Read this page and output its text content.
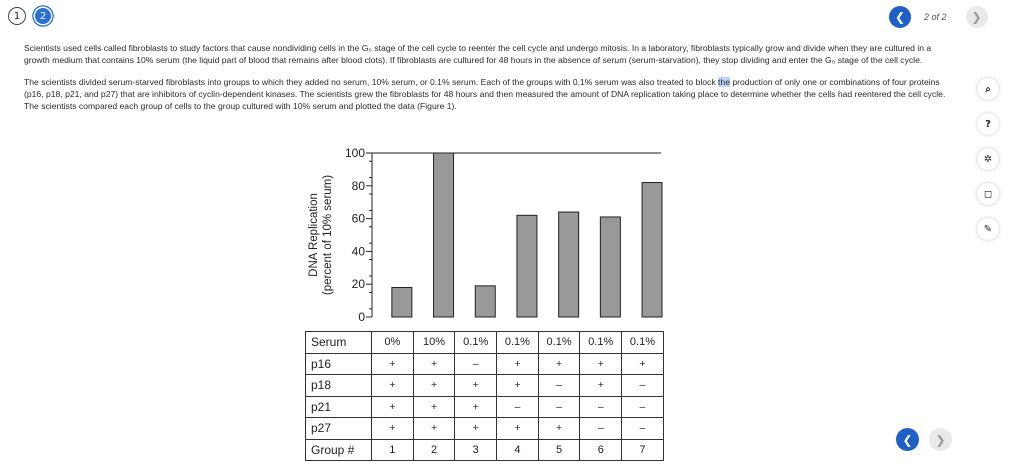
1	2	❮ 2 of 2 ❯

Scientists used cells called fibroblasts to study factors that cause nondividing cells in the G₀ stage of the cell cycle to reenter the cell cycle and undergo mitosis. In a laboratory, fibroblasts typically grow and divide when they are cultured in a growth medium that contains 10% serum (the liquid part of blood that remains after blood clots). If fibroblasts are cultured for 48 hours in the absence of serum (serum-starvation), they stop dividing and enter the G₀ stage of the cell cycle.

The scientists divided serum-starved fibroblasts into groups to which they added no serum, 10% serum, or 0.1% serum. Each of the groups with 0.1% serum was also treated to block the production of only one or combinations of four proteins (p16, p18, p21, and p27) that are inhibitors of cyclin-dependent kinases. The scientists grew the fibroblasts for 48 hours and then measured the amount of DNA replication taking place to determine whether the cells had reentered the cell cycle. The scientists compared each group of cells to the group cultured with 10% serum and plotted the data (Figure 1).

⌕
?
✲
◻
✎
0
20
40
60
80
100
DNA Replication (percent of 10% serum)
Serum	0%	10%	0.1%	0.1%	0.1%	0.1%	0.1%
p16	+	+	–	+	+	+	+
p18	+	+	+	+	–	+	–
p21	+	+	+	–	–	–	–
p27	+	+	+	+	+	–	–
Group #	1	2	3	4	5	6	7
❮ ❯
